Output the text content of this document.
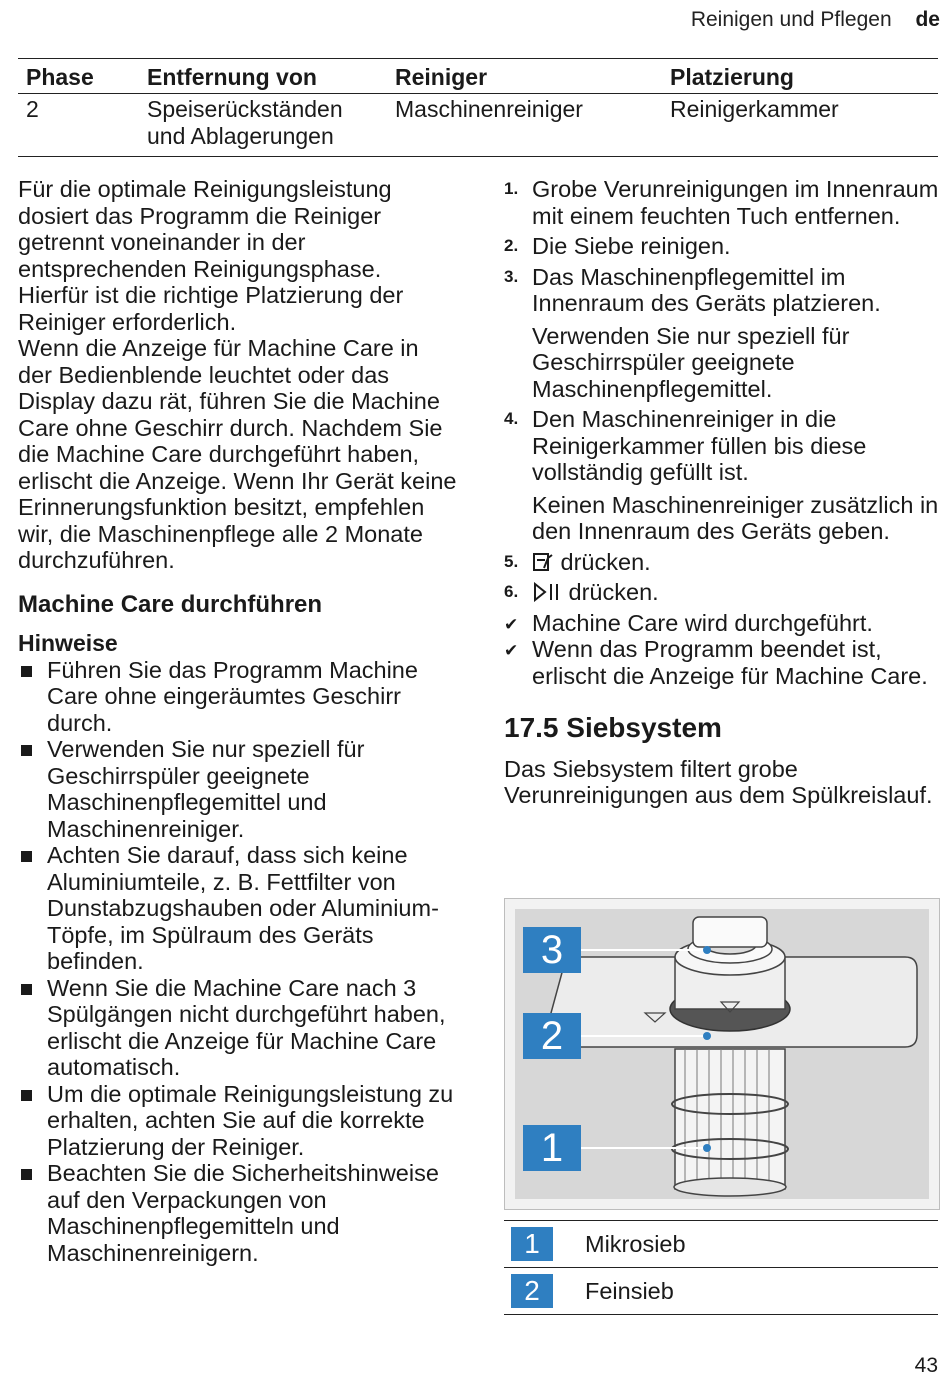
Reinigen und Pflegen de
Phase	Entfernung von	Reiniger	Platzierung
2	Speiserückständen und Ablagerungen	Maschinenreiniger	Reinigerkammer

Für die optimale Reinigungsleistung dosiert das Programm die Reiniger getrennt voneinander in der entsprechenden Reinigungsphase. Hierfür ist die richtige Platzierung der Reiniger erforderlich.

Wenn die Anzeige für Machine Care in der Bedienblende leuchtet oder das Display dazu rät, führen Sie die Machine Care ohne Geschirr durch. Nachdem Sie die Machine Care durchgeführt haben, erlischt die Anzeige. Wenn Ihr Gerät keine Erinnerungsfunktion besitzt, empfehlen wir, die Maschinenpflege alle 2 Monate durchzuführen.

Machine Care durchführen
Hinweise
Führen Sie das Programm Machine Care ohne eingeräumtes Geschirr durch.
Verwenden Sie nur speziell für Geschirrspüler geeignete Maschinenpflegemittel und Maschinenreiniger.
Achten Sie darauf, dass sich keine Aluminiumteile, z. B. Fettfilter von Dunstabzugshauben oder Aluminium-Töpfe, im Spülraum des Geräts befinden.
Wenn Sie die Machine Care nach 3 Spülgängen nicht durchgeführt haben, erlischt die Anzeige für Machine Care automatisch.
Um die optimale Reinigungsleistung zu erhalten, achten Sie auf die korrekte Platzierung der Reiniger.
Beachten Sie die Sicherheitshinweise auf den Verpackungen von Maschinenpflegemitteln und Maschinenreinigern.
1. Grobe Verunreinigungen im Innenraum mit einem feuchten Tuch entfernen.
2. Die Siebe reinigen.
3. Das Maschinenpflegemittel im Innenraum des Geräts platzieren.
Verwenden Sie nur speziell für Geschirrspüler geeignete Maschinenpflegemittel.
4. Den Maschinenreiniger in die Reinigerkammer füllen bis diese vollständig gefüllt ist.
Keinen Maschinenreiniger zusätzlich in den Innenraum des Geräts geben.
5. drücken.
6. drücken.
✔ Machine Care wird durchgeführt.
✔ Wenn das Programm beendet ist, erlischt die Anzeige für Machine Care.
17.5 Siebsystem

Das Siebsystem filtert grobe Verunreinigungen aus dem Spülkreislauf.

3
2
1
1	Mikrosieb
2	Feinsieb
43
